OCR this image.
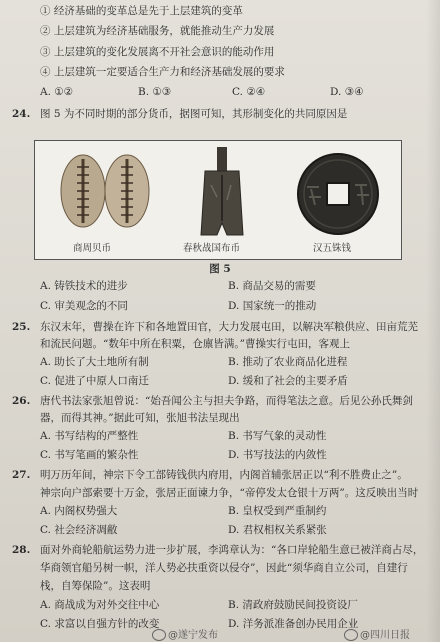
① 经济基础的变革总是先于上层建筑的变革
② 上层建筑为经济基础服务，就能推动生产力发展
③ 上层建筑的变化发展离不开社会意识的能动作用
④ 上层建筑一定要适合生产力和经济基础发展的要求
A. ①②	B. ①③	C. ②④	D. ③④
24. 图 5 为不同时期的部分货币，据图可知，其形制变化的共同原因是
商周贝币	春秋战国布币	汉五铢钱
图 5
A. 铸铁技术的进步	B. 商品交易的需要
C. 审美观念的不同	D. 国家统一的推动
25. 东汉末年，曹操在许下和各地置田官，大力发展屯田，以解决军粮供应、田亩荒芜
和流民问题。“数年中所在积粟，仓廪皆满。”曹操实行屯田，客观上
A. 助长了大土地所有制	B. 推动了农业商品化进程
C. 促进了中原人口南迁	D. 缓和了社会的主要矛盾
26. 唐代书法家张旭曾说：“始吾闻公主与担夫争路，而得笔法之意。后见公孙氏舞剑
器，而得其神。”据此可知，张旭书法呈现出
A. 书写结构的严整性	B. 书写气象的灵动性
C. 书写笔画的繁杂性	D. 书写技法的内敛性
27. 明万历年间，神宗下令工部铸钱供内府用，内阁首辅张居正以“利不胜费止之”。
神宗向户部索要十万金，张居正面谏力争，“帝停发太仓银十万两”。这反映出当时
A. 内阁权势强大	B. 皇权受到严重制约
C. 社会经济凋敝	D. 君权相权关系紧张
28. 面对外商轮船航运势力进一步扩展，李鸿章认为：“各口岸轮船生意已被洋商占尽，
华商领官船另树一帜，洋人势必扶重资以侵夺”，因此“须华商自立公司，自建行
栈，自筹保险”。这表明
A. 商战成为对外交往中心	B. 清政府鼓励民间投资设厂
C. 求富以自强方针的改变	D. 洋务派准备创办民用企业
@遂宁发布	@四川日报
